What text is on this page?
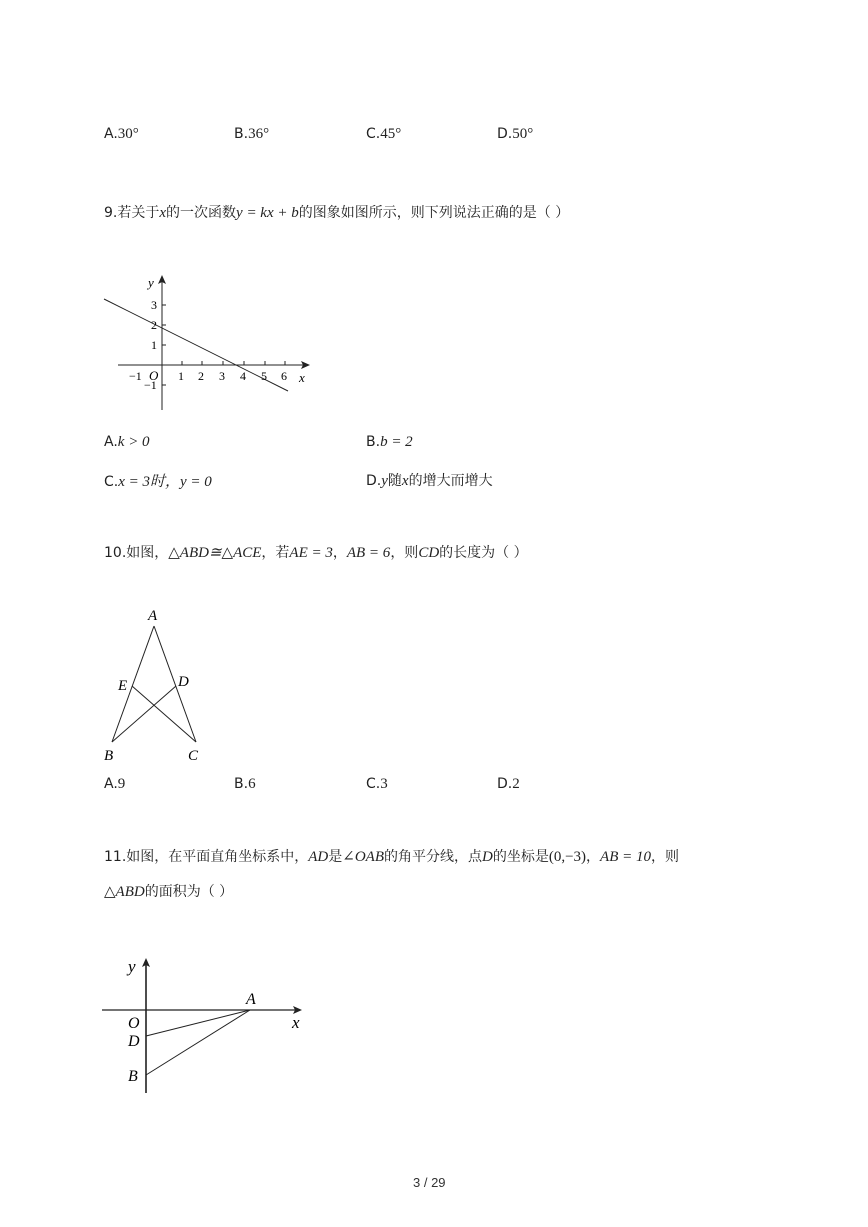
A.30°	B.36°	C.45°	D.50°
9.若关于x的一次函数y = kx + b的图象如图所示，则下列说法正确的是（ ）
y
x
O
−1	1 2 3 4 5 6
3
2
1
−1
A.k > 0	B.b = 2
C.x = 3时，y = 0	D.y随x的增大而增大
10.如图，△ABD≅△ACE，若AE = 3，AB = 6，则CD的长度为（ ）
A
E	D
B	C
A.9	B.6	C.3	D.2
11.如图，在平面直角坐标系中，AD是∠OAB的角平分线，点D的坐标是(0,−3)，AB = 10，则
△ABD的面积为（ ）
y
x
O
A
D
B
3 / 29
